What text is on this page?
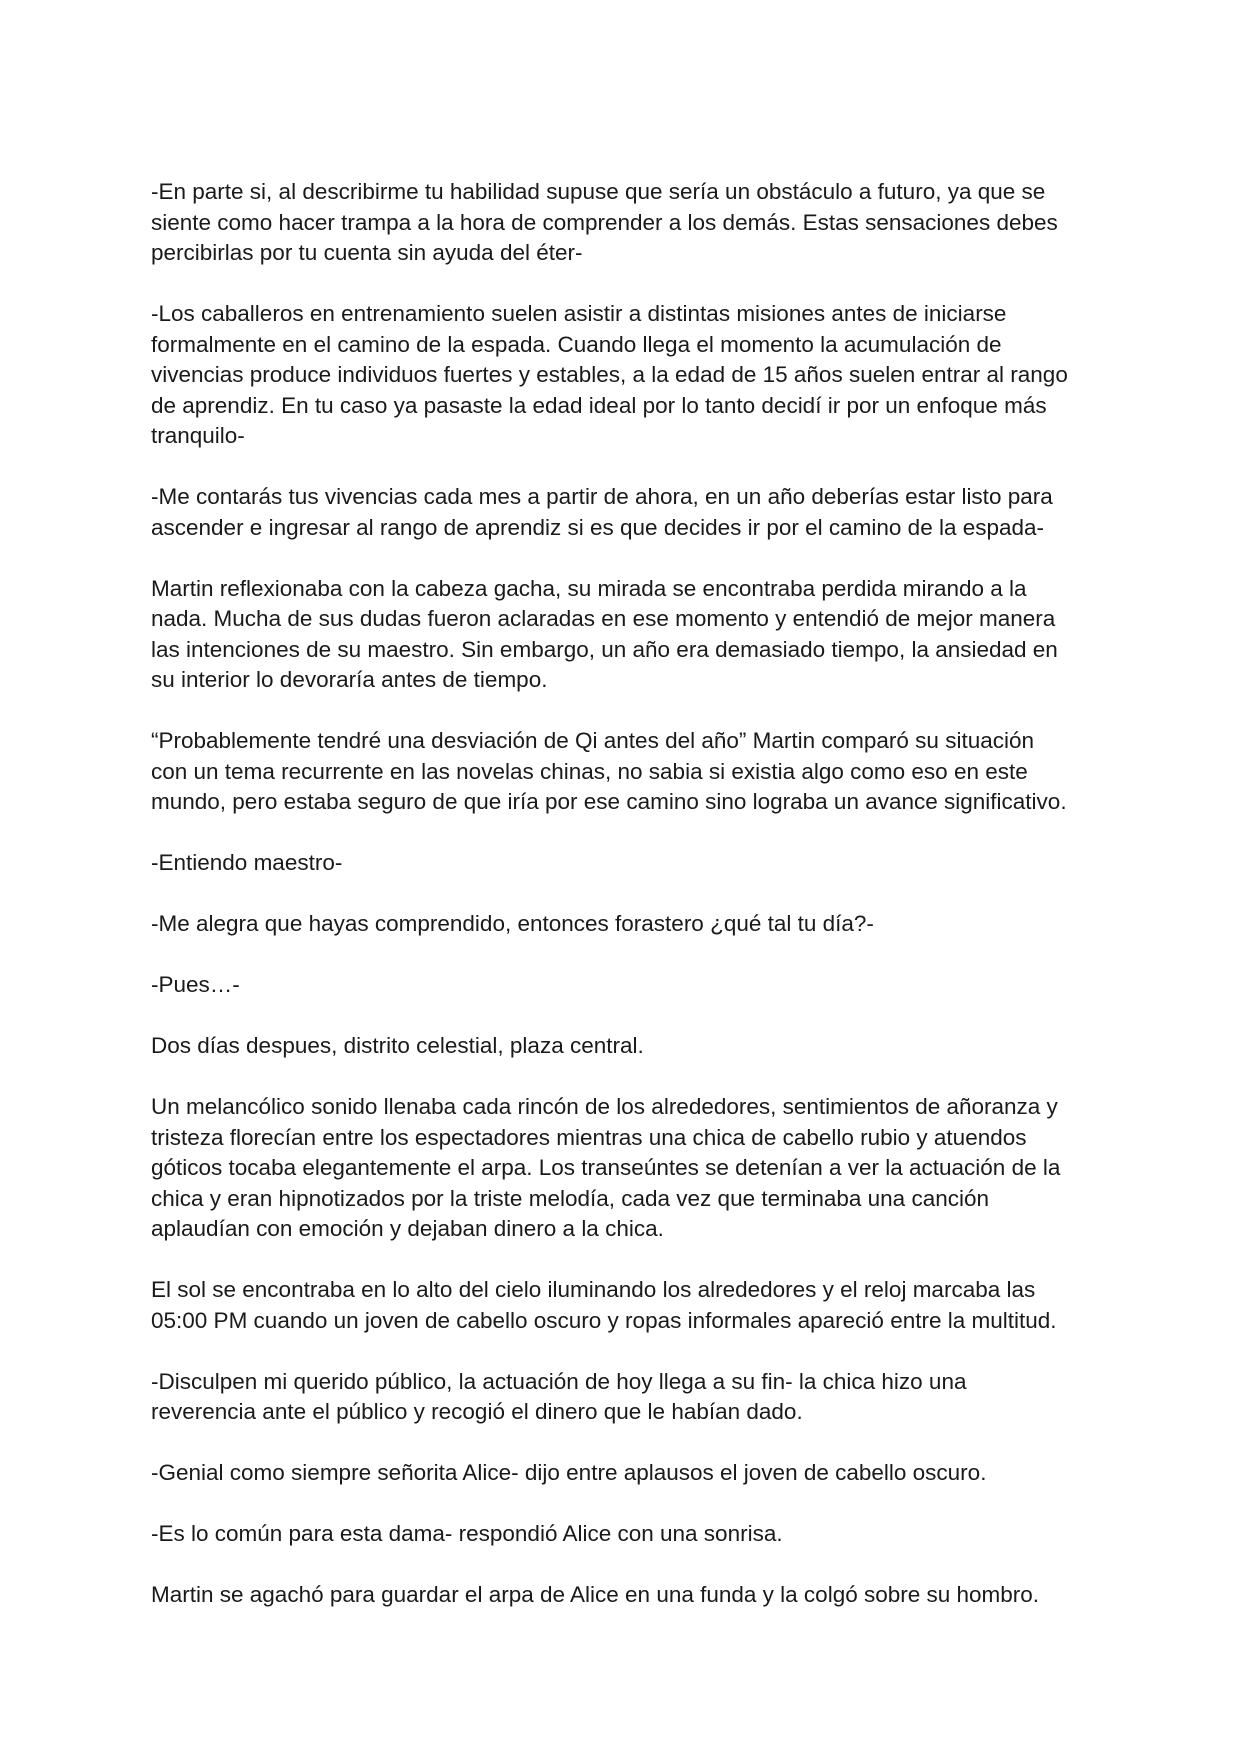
-En parte si, al describirme tu habilidad supuse que sería un obstáculo a futuro, ya que se
siente como hacer trampa a la hora de comprender a los demás. Estas sensaciones debes
percibirlas por tu cuenta sin ayuda del éter-

-Los caballeros en entrenamiento suelen asistir a distintas misiones antes de iniciarse
formalmente en el camino de la espada. Cuando llega el momento la acumulación de
vivencias produce individuos fuertes y estables, a la edad de 15 años suelen entrar al rango
de aprendiz. En tu caso ya pasaste la edad ideal por lo tanto decidí ir por un enfoque más
tranquilo-

-Me contarás tus vivencias cada mes a partir de ahora, en un año deberías estar listo para
ascender e ingresar al rango de aprendiz si es que decides ir por el camino de la espada-

Martin reflexionaba con la cabeza gacha, su mirada se encontraba perdida mirando a la
nada. Mucha de sus dudas fueron aclaradas en ese momento y entendió de mejor manera
las intenciones de su maestro. Sin embargo, un año era demasiado tiempo, la ansiedad en
su interior lo devoraría antes de tiempo.

“Probablemente tendré una desviación de Qi antes del año” Martin comparó su situación
con un tema recurrente en las novelas chinas, no sabia si existia algo como eso en este
mundo, pero estaba seguro de que iría por ese camino sino lograba un avance significativo.

-Entiendo maestro-

-Me alegra que hayas comprendido, entonces forastero ¿qué tal tu día?-

-Pues…-

Dos días despues, distrito celestial, plaza central.

Un melancólico sonido llenaba cada rincón de los alrededores, sentimientos de añoranza y
tristeza florecían entre los espectadores mientras una chica de cabello rubio y atuendos
góticos tocaba elegantemente el arpa. Los transeúntes se detenían a ver la actuación de la
chica y eran hipnotizados por la triste melodía, cada vez que terminaba una canción
aplaudían con emoción y dejaban dinero a la chica.

El sol se encontraba en lo alto del cielo iluminando los alrededores y el reloj marcaba las
05:00 PM cuando un joven de cabello oscuro y ropas informales apareció entre la multitud.

-Disculpen mi querido público, la actuación de hoy llega a su fin- la chica hizo una
reverencia ante el público y recogió el dinero que le habían dado.

-Genial como siempre señorita Alice- dijo entre aplausos el joven de cabello oscuro.

-Es lo común para esta dama- respondió Alice con una sonrisa.

Martin se agachó para guardar el arpa de Alice en una funda y la colgó sobre su hombro.
